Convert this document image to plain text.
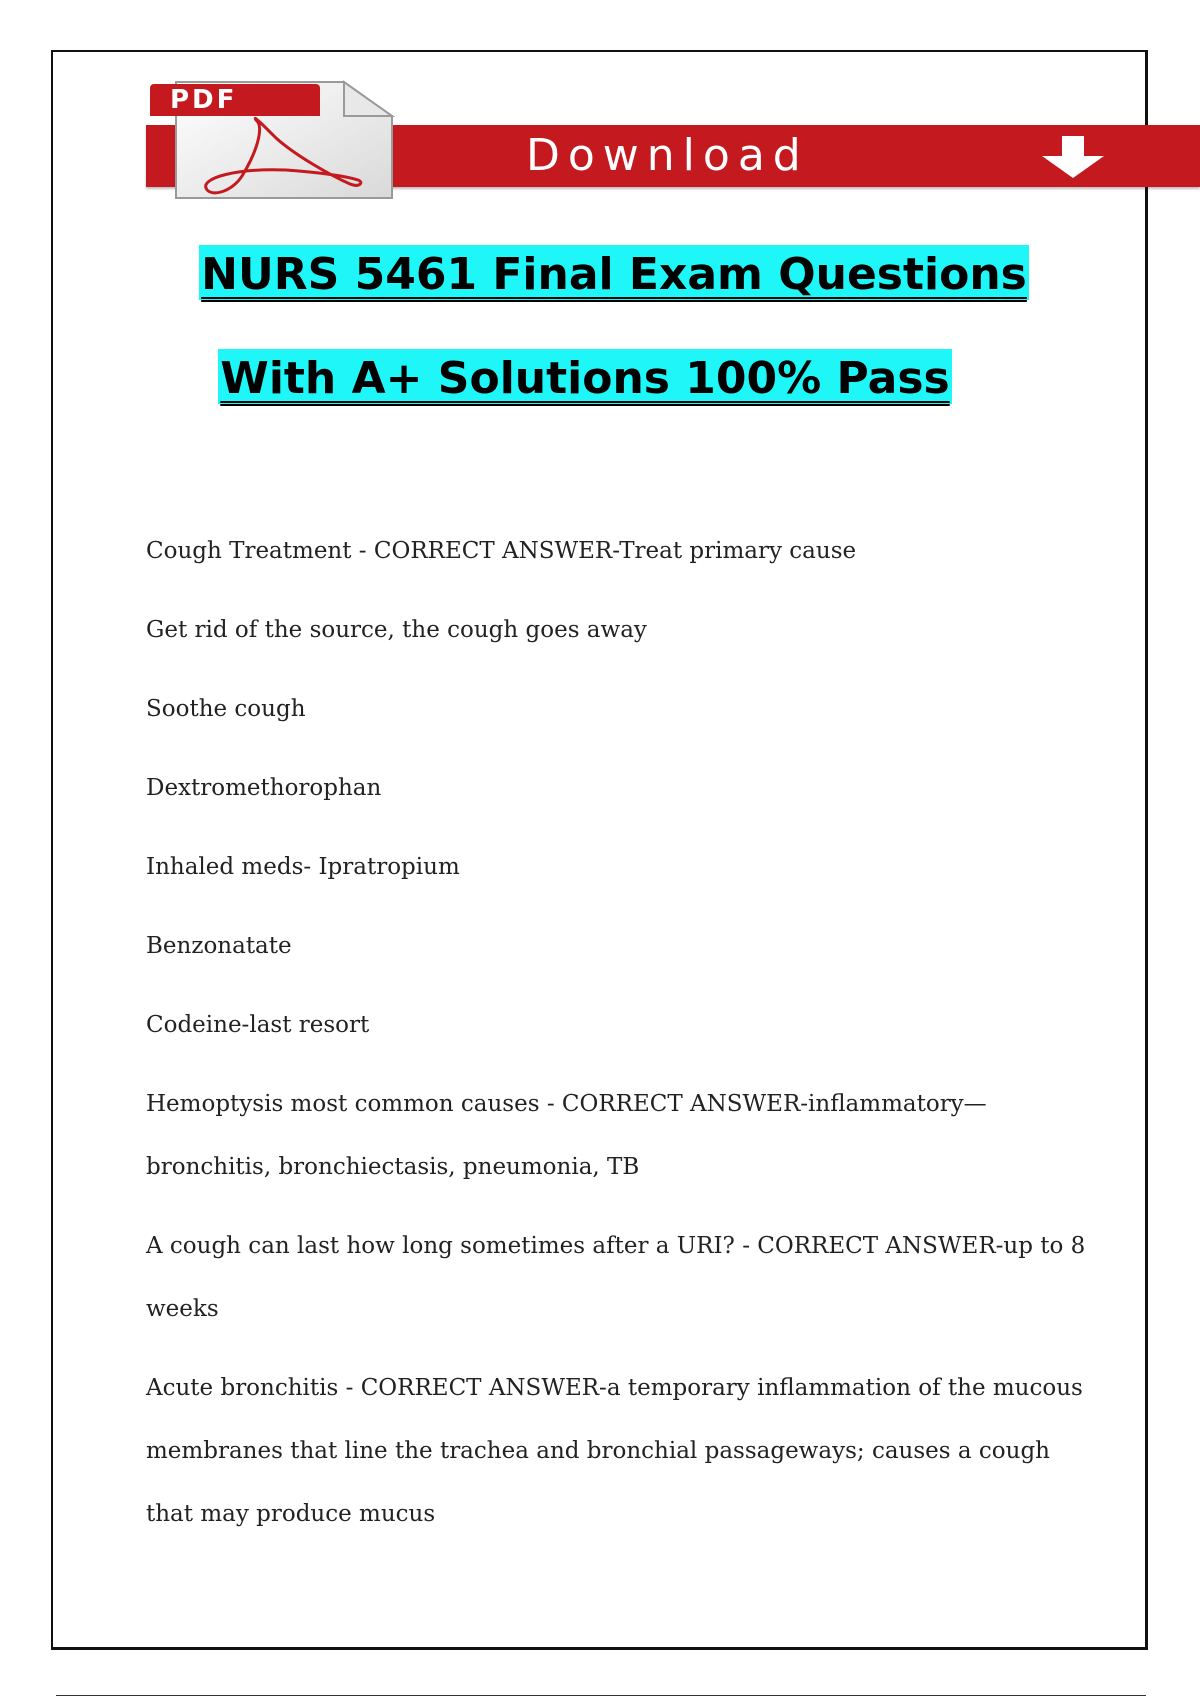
Download
PDF
NURS 5461 Final Exam Questions
With A+ Solutions 100% Pass

Cough Treatment - CORRECT ANSWER-Treat primary cause

Get rid of the source, the cough goes away

Soothe cough

Dextromethorophan

Inhaled meds- Ipratropium

Benzonatate

Codeine-last resort

Hemoptysis most common causes - CORRECT ANSWER-inflammatory—bronchitis, bronchiectasis, pneumonia, TB

A cough can last how long sometimes after a URI? - CORRECT ANSWER-up to 8 weeks

Acute bronchitis - CORRECT ANSWER-a temporary inflammation of the mucous membranes that line the trachea and bronchial passageways; causes a cough that may produce mucus
